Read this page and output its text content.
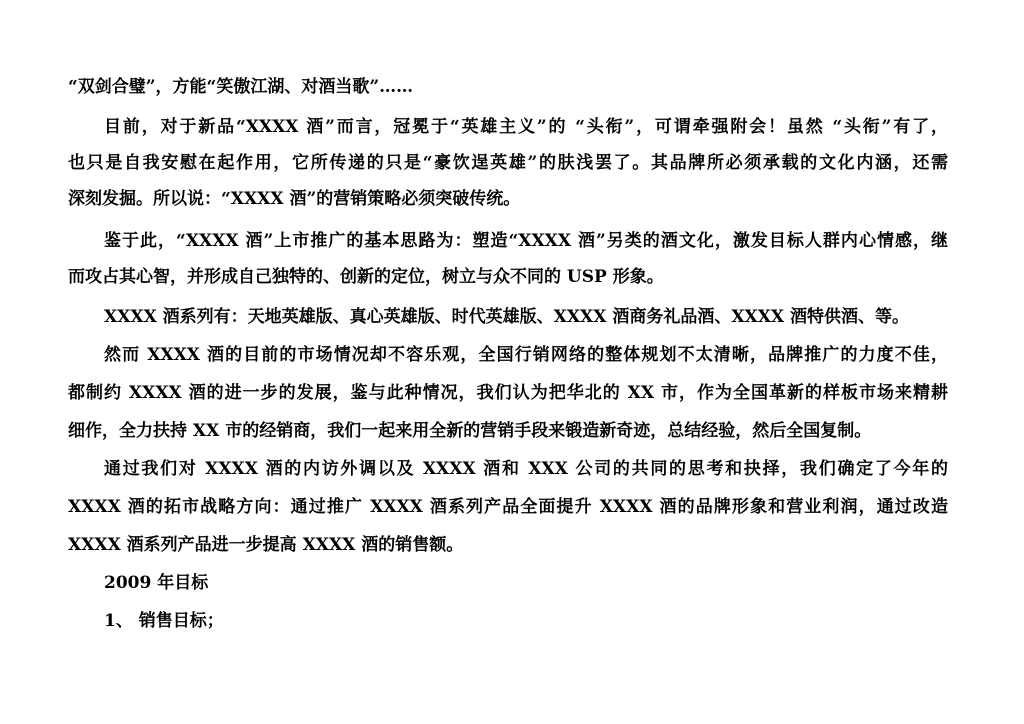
“双剑合璧”，方能“笑傲江湖、对酒当歌”……
目前，对于新品“XXXX 酒”而言，冠冕于“英雄主义”的 “头衔”，可谓牵强附会！虽然 “头衔”有了，
也只是自我安慰在起作用，它所传递的只是“豪饮逞英雄”的肤浅罢了。其品牌所必须承载的文化内涵，还需
深刻发掘。所以说：“XXXX 酒”的营销策略必须突破传统。
鉴于此，“XXXX 酒”上市推广的基本思路为：塑造“XXXX 酒”另类的酒文化，激发目标人群内心情感，继
而攻占其心智，并形成自己独特的、创新的定位，树立与众不同的 USP 形象。
XXXX 酒系列有：天地英雄版、真心英雄版、时代英雄版、XXXX 酒商务礼品酒、XXXX 酒特供酒、等。
然而 XXXX 酒的目前的市场情况却不容乐观，全国行销网络的整体规划不太清晰，品牌推广的力度不佳，
都制约 XXXX 酒的进一步的发展，鉴与此种情况，我们认为把华北的 XX 市，作为全国革新的样板市场来精耕
细作，全力扶持 XX 市的经销商，我们一起来用全新的营销手段来锻造新奇迹，总结经验，然后全国复制。
通过我们对 XXXX 酒的内访外调以及 XXXX 酒和 XXX 公司的共同的思考和抉择，我们确定了今年的
XXXX 酒的拓市战略方向：通过推广 XXXX 酒系列产品全面提升 XXXX 酒的品牌形象和营业利润，通过改造
XXXX 酒系列产品进一步提高 XXXX 酒的销售额。
2009 年目标
1、 销售目标；
